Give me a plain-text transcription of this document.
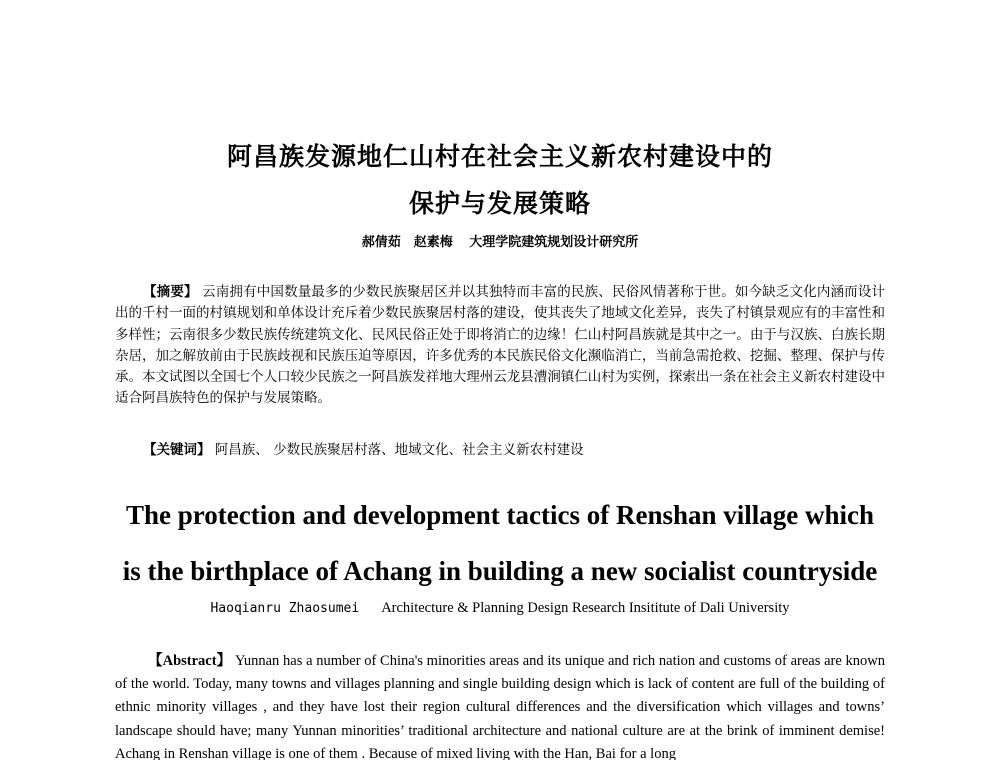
阿昌族发源地仁山村在社会主义新农村建设中的
保护与发展策略
郝倩茹　赵素梅 大理学院建筑规划设计研究所
【摘要】 云南拥有中国数量最多的少数民族聚居区并以其独特而丰富的民族、民俗风情著称于世。如今缺乏文化内涵而设计出的千村一面的村镇规划和单体设计充斥着少数民族聚居村落的建设，使其丧失了地域文化差异，丧失了村镇景观应有的丰富性和多样性；云南很多少数民族传统建筑文化、民风民俗正处于即将消亡的边缘！仁山村阿昌族就是其中之一。由于与汉族、白族长期杂居，加之解放前由于民族歧视和民族压迫等原因，许多优秀的本民族民俗文化濒临消亡，当前急需抢救、挖掘、整理、保护与传承。本文试图以全国七个人口较少民族之一阿昌族发祥地大理州云龙县漕涧镇仁山村为实例，探索出一条在社会主义新农村建设中适合阿昌族特色的保护与发展策略。
【关键词】 阿昌族、 少数民族聚居村落、地域文化、社会主义新农村建设
The protection and development tactics of Renshan village which
is the birthplace of Achang in building a new socialist countryside
Haoqianru Zhaosumei Architecture & Planning Design Research Insititute of Dali University
【Abstract】 Yunnan has a number of China's minorities areas and its unique and rich nation and customs of areas are known of the world. Today, many towns and villages planning and single building design which is lack of content are full of the building of ethnic minority villages , and they have lost their region cultural differences and the diversification which villages and towns’ landscape should have; many Yunnan minorities’ traditional architecture and national culture are at the brink of imminent demise! Achang in Renshan village is one of them . Because of mixed living with the Han, Bai for a long
